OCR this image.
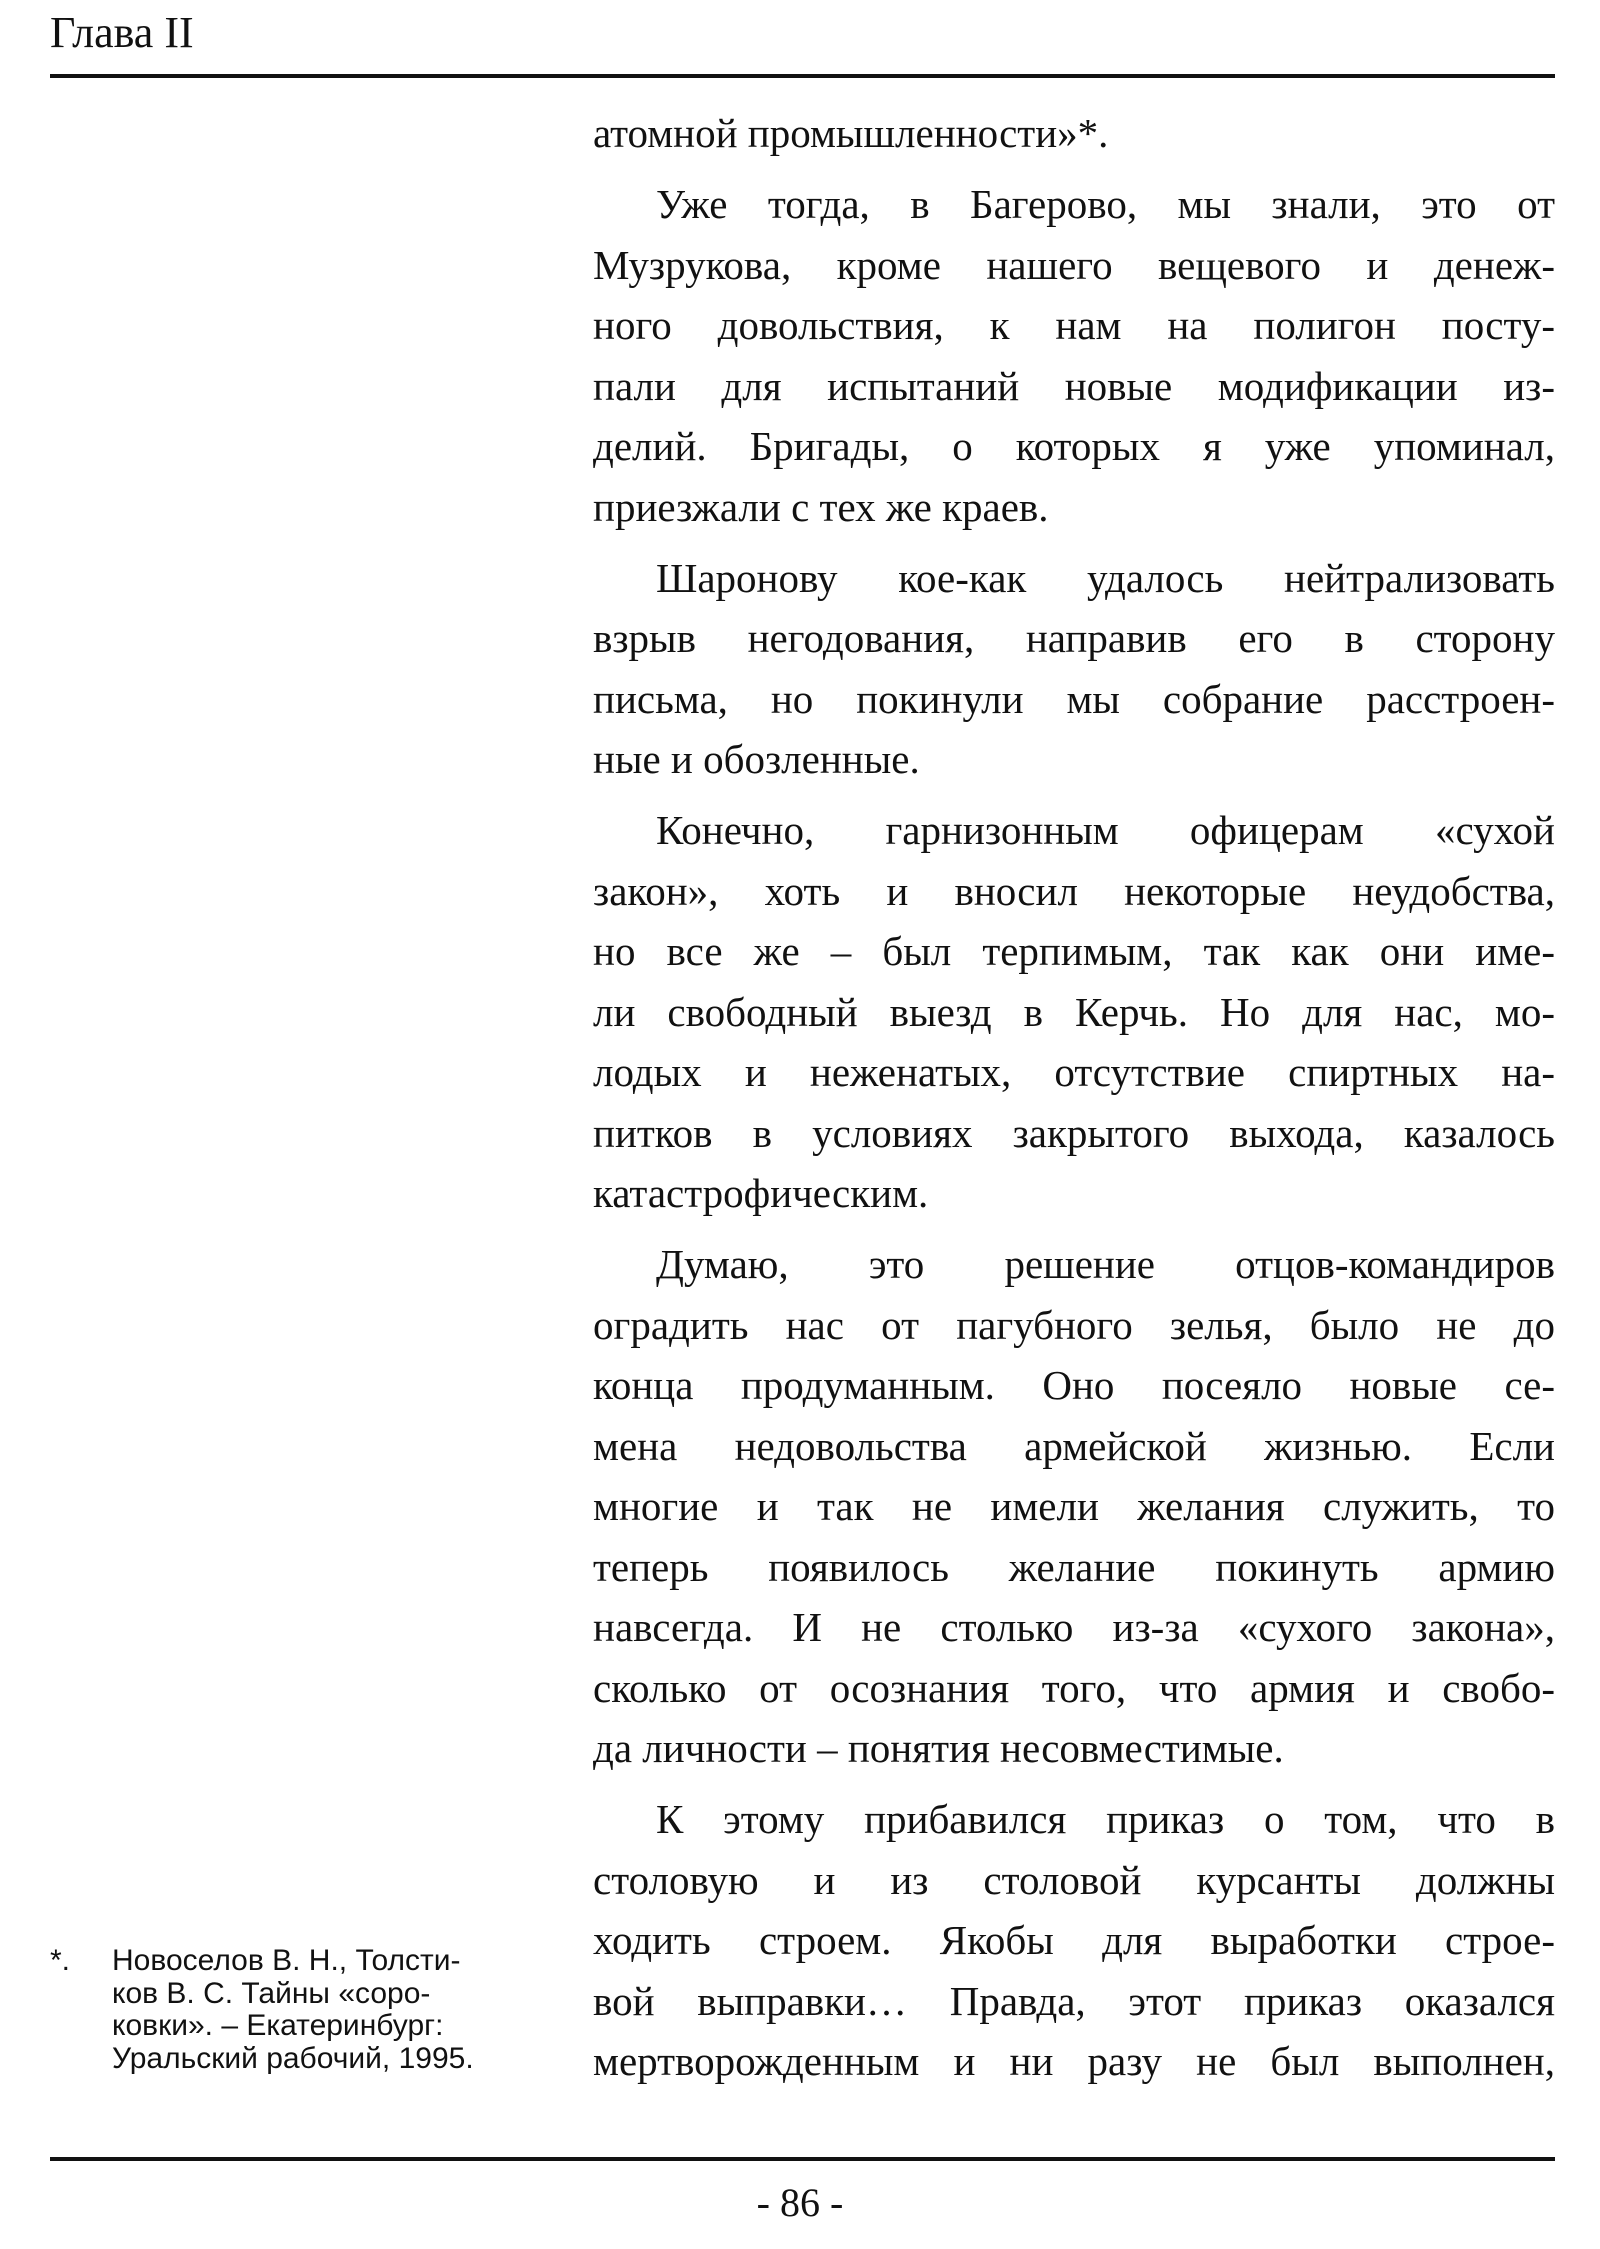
Глава II
атомной промышленности»*.
Уже тогда, в Багерово, мы знали, это от
Музрукова, кроме нашего вещевого и денеж-
ного довольствия, к нам на полигон посту-
пали для испытаний новые модификации из-
делий. Бригады, о которых я уже упоминал,
приезжали с тех же краев.
Шаронову кое-как удалось нейтрализовать
взрыв негодования, направив его в сторону
письма, но покинули мы собрание расстроен-
ные и обозленные.
Конечно, гарнизонным офицерам «сухой
закон», хоть и вносил некоторые неудобства,
но все же – был терпимым, так как они име-
ли свободный выезд в Керчь. Но для нас, мо-
лодых и неженатых, отсутствие спиртных на-
питков в условиях закрытого выхода, казалось
катастрофическим.
Думаю, это решение отцов-командиров
оградить нас от пагубного зелья, было не до
конца продуманным. Оно посеяло новые се-
мена недовольства армейской жизнью. Если
многие и так не имели желания служить, то
теперь появилось желание покинуть армию
навсегда. И не столько из-за «сухого закона»,
сколько от осознания того, что армия и свобо-
да личности – понятия несовместимые.
К этому прибавился приказ о том, что в
столовую и из столовой курсанты должны
ходить строем. Якобы для выработки строе-
вой выправки… Правда, этот приказ оказался
мертворожденным и ни разу не был выполнен,
*. Новоселов В. Н., Толсти-
ков В. С. Тайны «соро-
ковки». – Екатеринбург:
Уральский рабочий, 1995.
- 86 -
